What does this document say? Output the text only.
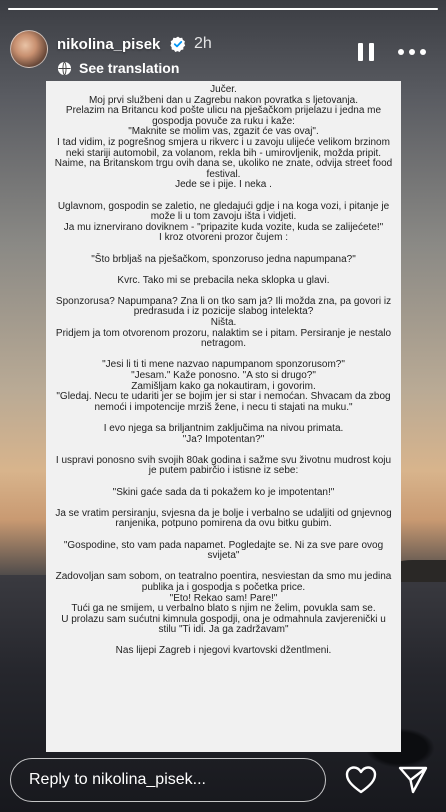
nikolina_pisek 2h
See translation
Jučer.
Moj prvi službeni dan u Zagrebu nakon povratka s ljetovanja.
Prelazim na Britancu kod pošte ulicu na pješačkom prijelazu i jedna me gospodja povuče za ruku i kaže:
"Maknite se molim vas, zgazit će vas ovaj".
I tad vidim, iz pogrešnog smjera u rikverc i u zavoju ulijeće velikom brzinom neki stariji automobil, za volanom, rekla bih - umirovljenik, možda pripit.
Naime, na Britanskom trgu ovih dana se, ukoliko ne znate, odvija street food festival.
Jede se i pije. I neka .
Uglavnom, gospodin se zaletio, ne gledajući gdje i na koga vozi, i pitanje je može li u tom zavoju išta i vidjeti.
Ja mu iznervirano doviknem - "pripazite kuda vozite, kuda se zalijećete!"
I kroz otvoreni prozor čujem :
"Što brbljaš na pješačkom, sponzoruso jedna napumpana?"
Kvrc. Tako mi se prebacila neka sklopka u glavi.
Sponzorusa? Napumpana? Zna li on tko sam ja? Ili možda zna, pa govori iz predrasuda i iz pozicije slabog intelekta?
Ništa.
Pridjem ja tom otvorenom prozoru, nalaktim se i pitam. Persiranje je nestalo netragom.
"Jesi li ti ti mene nazvao napumpanom sponzorusom?"
"Jesam." Kaže ponosno. "A sto si drugo?"
Zamišljam kako ga nokautiram, i govorim.
"Gledaj. Necu te udariti jer se bojim jer si star i nemoćan. Shvacam da zbog nemoći i impotencije mrziš žene, i necu ti stajati na muku."
I evo njega sa briljantnim zaključima na nivou primata.
"Ja? Impotentan?"
I uspravi ponosno svih svojih 80ak godina i sažme svu životnu mudrost koju je putem pabirčio i istisne iz sebe:
"Skini gaće sada da ti pokažem ko je impotentan!"
Ja se vratim persiranju, svjesna da je bolje i verbalno se udaljiti od gnjevnog ranjenika, potpuno pomirena da ovu bitku gubim.
"Gospodine, sto vam pada napamet. Pogledajte se. Ni za sve pare ovog svijeta"
Zadovoljan sam sobom, on teatralno poentira, nesviestan da smo mu jedina publika ja i gospodja s početka price.
"Eto! Rekao sam! Pare!"
Tući ga ne smijem, u verbalno blato s njim ne želim, povukla sam se.
U prolazu sam sućutni kimnula gospodji, ona je odmahnula zavjerenički u stilu "Ti idi. Ja ga zadržavam"
Nas lijepi Zagreb i njegovi kvartovski džentlmeni.
Reply to nikolina_pisek...
